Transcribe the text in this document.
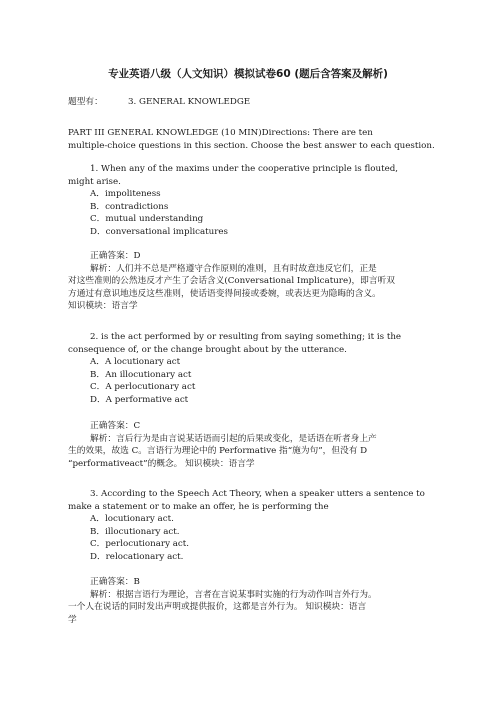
专业英语八级（人文知识）模拟试卷60 (题后含答案及解析)
题型有：	3. GENERAL KNOWLEDGE
PART III GENERAL KNOWLEDGE (10 MIN)Directions: There are ten
multiple-choice questions in this section. Choose the best answer to each question.
1. When any of the maxims under the cooperative principle is flouted,
might arise.
A．impoliteness
B．contradictions
C．mutual understanding
D．conversational implicatures
正确答案：D
解析：人们并不总是严格遵守合作原则的准则，且有时故意违反它们，正是
对这些准则的公然违反才产生了会话含义(Conversational Implicature)，即言听双
方通过有意识地违反这些准则，使话语变得间接或委婉，或表达更为隐晦的含义。
知识模块：语言学
2. is the act performed by or resulting from saying something; it is the
consequence of, or the change brought about by the utterance.
A．A locutionary act
B．An illocutionary act
C．A perlocutionary act
D．A performative act
正确答案：C
解析：言后行为是由言说某话语而引起的后果或变化，是话语在听者身上产
生的效果，故选 C。言语行为理论中的 Performative 指“施为句”，但没有 D
“performativeact”的概念。 知识模块：语言学
3. According to the Speech Act Theory, when a speaker utters a sentence to
make a statement or to make an offer, he is performing the
A．locutionary act.
B．illocutionary act.
C．perlocutionary act.
D．relocationary act.
正确答案：B
解析：根据言语行为理论，言者在言说某事时实施的行为动作叫言外行为。
一个人在说话的同时发出声明或提供报价，这都是言外行为。 知识模块：语言
学
